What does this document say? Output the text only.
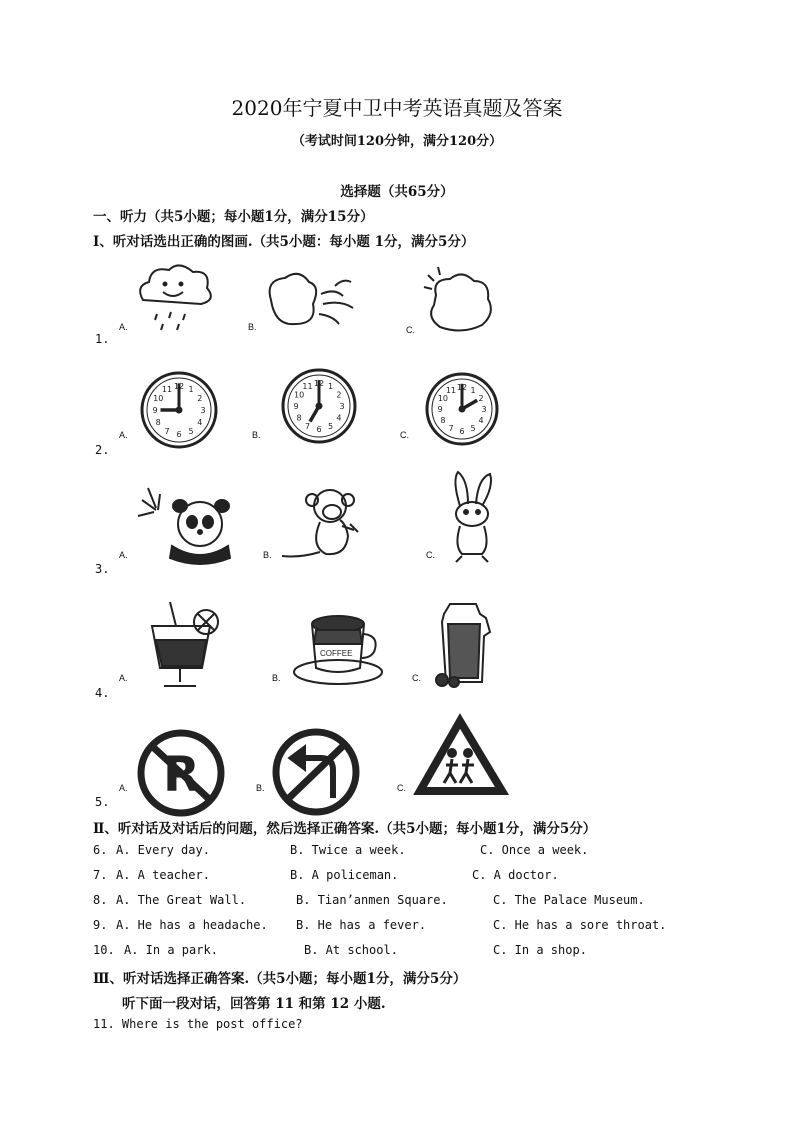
2020年宁夏中卫中考英语真题及答案
（考试时间120分钟，满分120分）
选择题（共65分）
一、听力（共5小题；每小题1分，满分15分）
Ⅰ、听对话选出正确的图画.（共5小题：每小题 1分，满分5分）
1.
A.	B.	C.
2.
A.	B.	C.
1
2
3
4
5
6
7
8
9
10
11 12	1
2
3
4
5
6
7
8
9
10
11 12
1
2
3
4
5
6
7
8
9
10
11 12
3.
A.	B.	C.
4.
A.	B.	C.
COFFEE
5.
A.	B.	C.
R
Ⅱ、听对话及对话后的问题，然后选择正确答案.（共5小题；每小题1分，满分5分）
6. A. Every day.	B. Twice a week.	C. Once a week.
7. A. A teacher.	B. A policeman.	C. A doctor.
8. A. The Great Wall.	B. Tian’anmen Square.	C. The Palace Museum.
9. A. He has a headache. B. He has a fever.	C. He has a sore throat.
10. A. In a park.	B. At school.	C. In a shop.
Ⅲ、听对话选择正确答案.（共5小题；每小题1分，满分5分）
听下面一段对话，回答第 11 和第 12 小题.
11. Where is the post office?
